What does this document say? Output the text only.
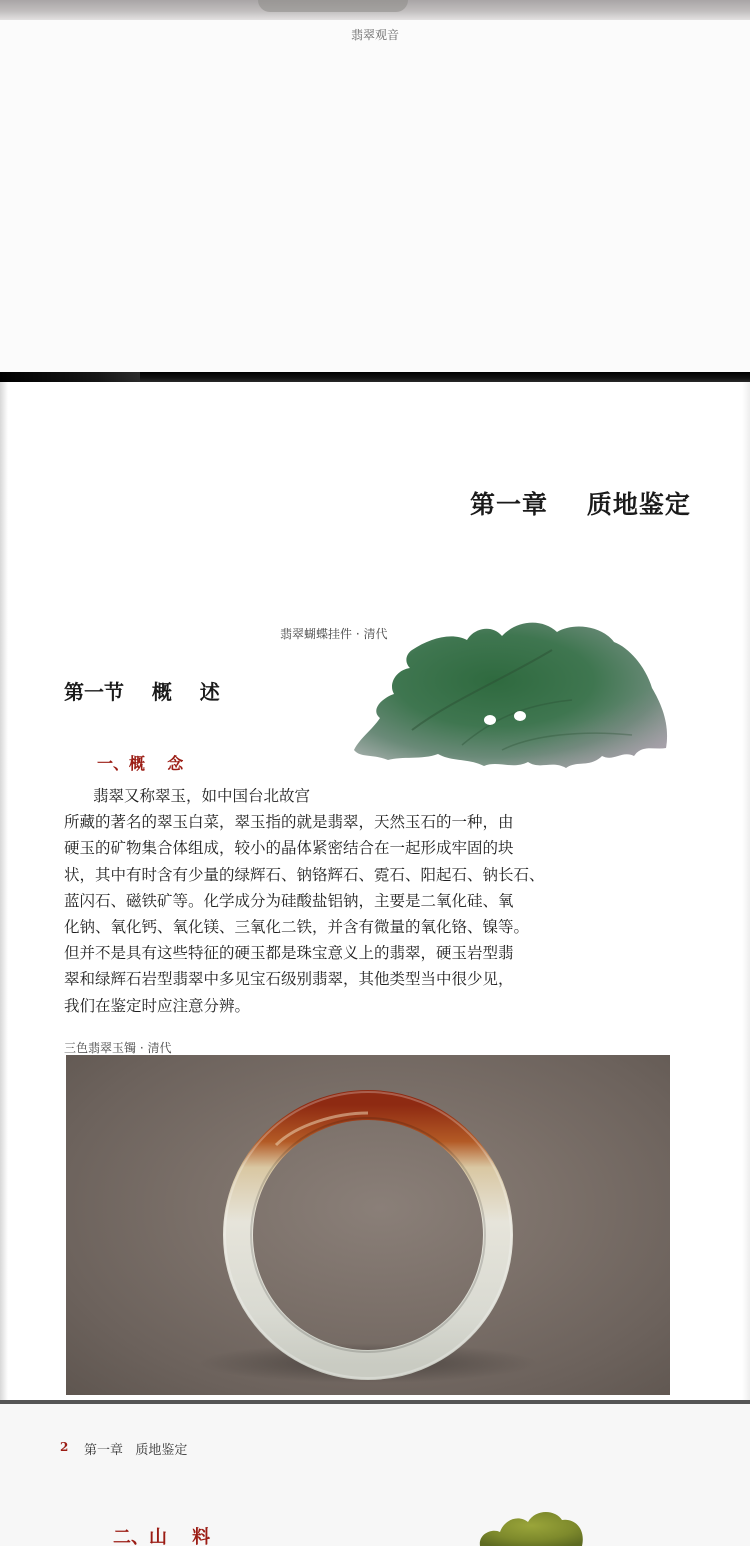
翡翠观音
第一章    质地鉴定
翡翠蝴蝶挂件 · 清代
第一节    概    述
一、概    念
翡翠又称翠玉，如中国台北故宫
所藏的著名的翠玉白菜，翠玉指的就是翡翠，天然玉石的一种，由
硬玉的矿物集合体组成，较小的晶体紧密结合在一起形成牢固的块
状，其中有时含有少量的绿辉石、钠铬辉石、霓石、阳起石、钠长石、
蓝闪石、磁铁矿等。化学成分为硅酸盐铝钠，主要是二氧化硅、氧
化钠、氧化钙、氧化镁、三氧化二铁，并含有微量的氧化铬、镍等。
但并不是具有这些特征的硬玉都是珠宝意义上的翡翠，硬玉岩型翡
翠和绿辉石岩型翡翠中多见宝石级别翡翠，其他类型当中很少见，
我们在鉴定时应注意分辨。
三色翡翠玉镯 · 清代
2 第一章   质地鉴定
二、山    料
